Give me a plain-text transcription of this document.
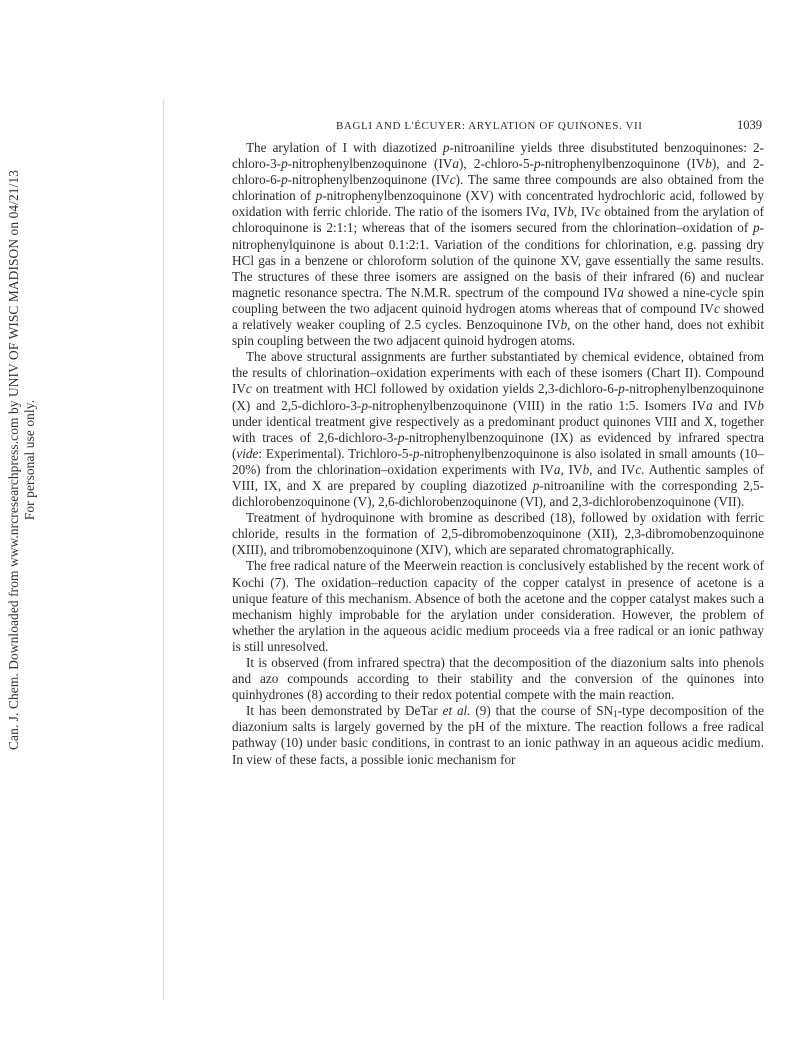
Can. J. Chem. Downloaded from www.nrcresearchpress.com by UNIV OF WISC MADISON on 04/21/13 For personal use only.
BAGLI AND L'ÉCUYER: ARYLATION OF QUINONES. VII	1039

The arylation of I with diazotized p-nitroaniline yields three disubstituted benzoquinones: 2-chloro-3-p-nitrophenylbenzoquinone (IVa), 2-chloro-5-p-nitrophenylbenzoquinone (IVb), and 2-chloro-6-p-nitrophenylbenzoquinone (IVc). The same three compounds are also obtained from the chlorination of p-nitrophenylbenzoquinone (XV) with concentrated hydrochloric acid, followed by oxidation with ferric chloride. The ratio of the isomers IVa, IVb, IVc obtained from the arylation of chloroquinone is 2:1:1; whereas that of the isomers secured from the chlorination–oxidation of p-nitrophenylquinone is about 0.1:2:1. Variation of the conditions for chlorination, e.g. passing dry HCl gas in a benzene or chloroform solution of the quinone XV, gave essentially the same results. The structures of these three isomers are assigned on the basis of their infrared (6) and nuclear magnetic resonance spectra. The N.M.R. spectrum of the compound IVa showed a nine-cycle spin coupling between the two adjacent quinoid hydrogen atoms whereas that of compound IVc showed a relatively weaker coupling of 2.5 cycles. Benzoquinone IVb, on the other hand, does not exhibit spin coupling between the two adjacent quinoid hydrogen atoms.

The above structural assignments are further substantiated by chemical evidence, obtained from the results of chlorination–oxidation experiments with each of these isomers (Chart II). Compound IVc on treatment with HCl followed by oxidation yields 2,3-dichloro-6-p-nitrophenylbenzoquinone (X) and 2,5-dichloro-3-p-nitrophenylbenzoquinone (VIII) in the ratio 1:5. Isomers IVa and IVb under identical treatment give respectively as a predominant product quinones VIII and X, together with traces of 2,6-dichloro-3-p-nitrophenylbenzoquinone (IX) as evidenced by infrared spectra (vide: Experimental). Trichloro-5-p-nitrophenylbenzoquinone is also isolated in small amounts (10–20%) from the chlorination–oxidation experiments with IVa, IVb, and IVc. Authentic samples of VIII, IX, and X are prepared by coupling diazotized p-nitroaniline with the corresponding 2,5-dichlorobenzoquinone (V), 2,6-dichlorobenzoquinone (VI), and 2,3-dichlorobenzoquinone (VII).

Treatment of hydroquinone with bromine as described (18), followed by oxidation with ferric chloride, results in the formation of 2,5-dibromobenzoquinone (XII), 2,3-dibromobenzoquinone (XIII), and tribromobenzoquinone (XIV), which are separated chromatographically.

The free radical nature of the Meerwein reaction is conclusively established by the recent work of Kochi (7). The oxidation–reduction capacity of the copper catalyst in presence of acetone is a unique feature of this mechanism. Absence of both the acetone and the copper catalyst makes such a mechanism highly improbable for the arylation under consideration. However, the problem of whether the arylation in the aqueous acidic medium proceeds via a free radical or an ionic pathway is still unresolved.

It is observed (from infrared spectra) that the decomposition of the diazonium salts into phenols and azo compounds according to their stability and the conversion of the quinones into quinhydrones (8) according to their redox potential compete with the main reaction.

It has been demonstrated by DeTar et al. (9) that the course of $SN_1$-type decomposition of the diazonium salts is largely governed by the pH of the mixture. The reaction follows a free radical pathway (10) under basic conditions, in contrast to an ionic pathway in an aqueous acidic medium. In view of these facts, a possible ionic mechanism for
